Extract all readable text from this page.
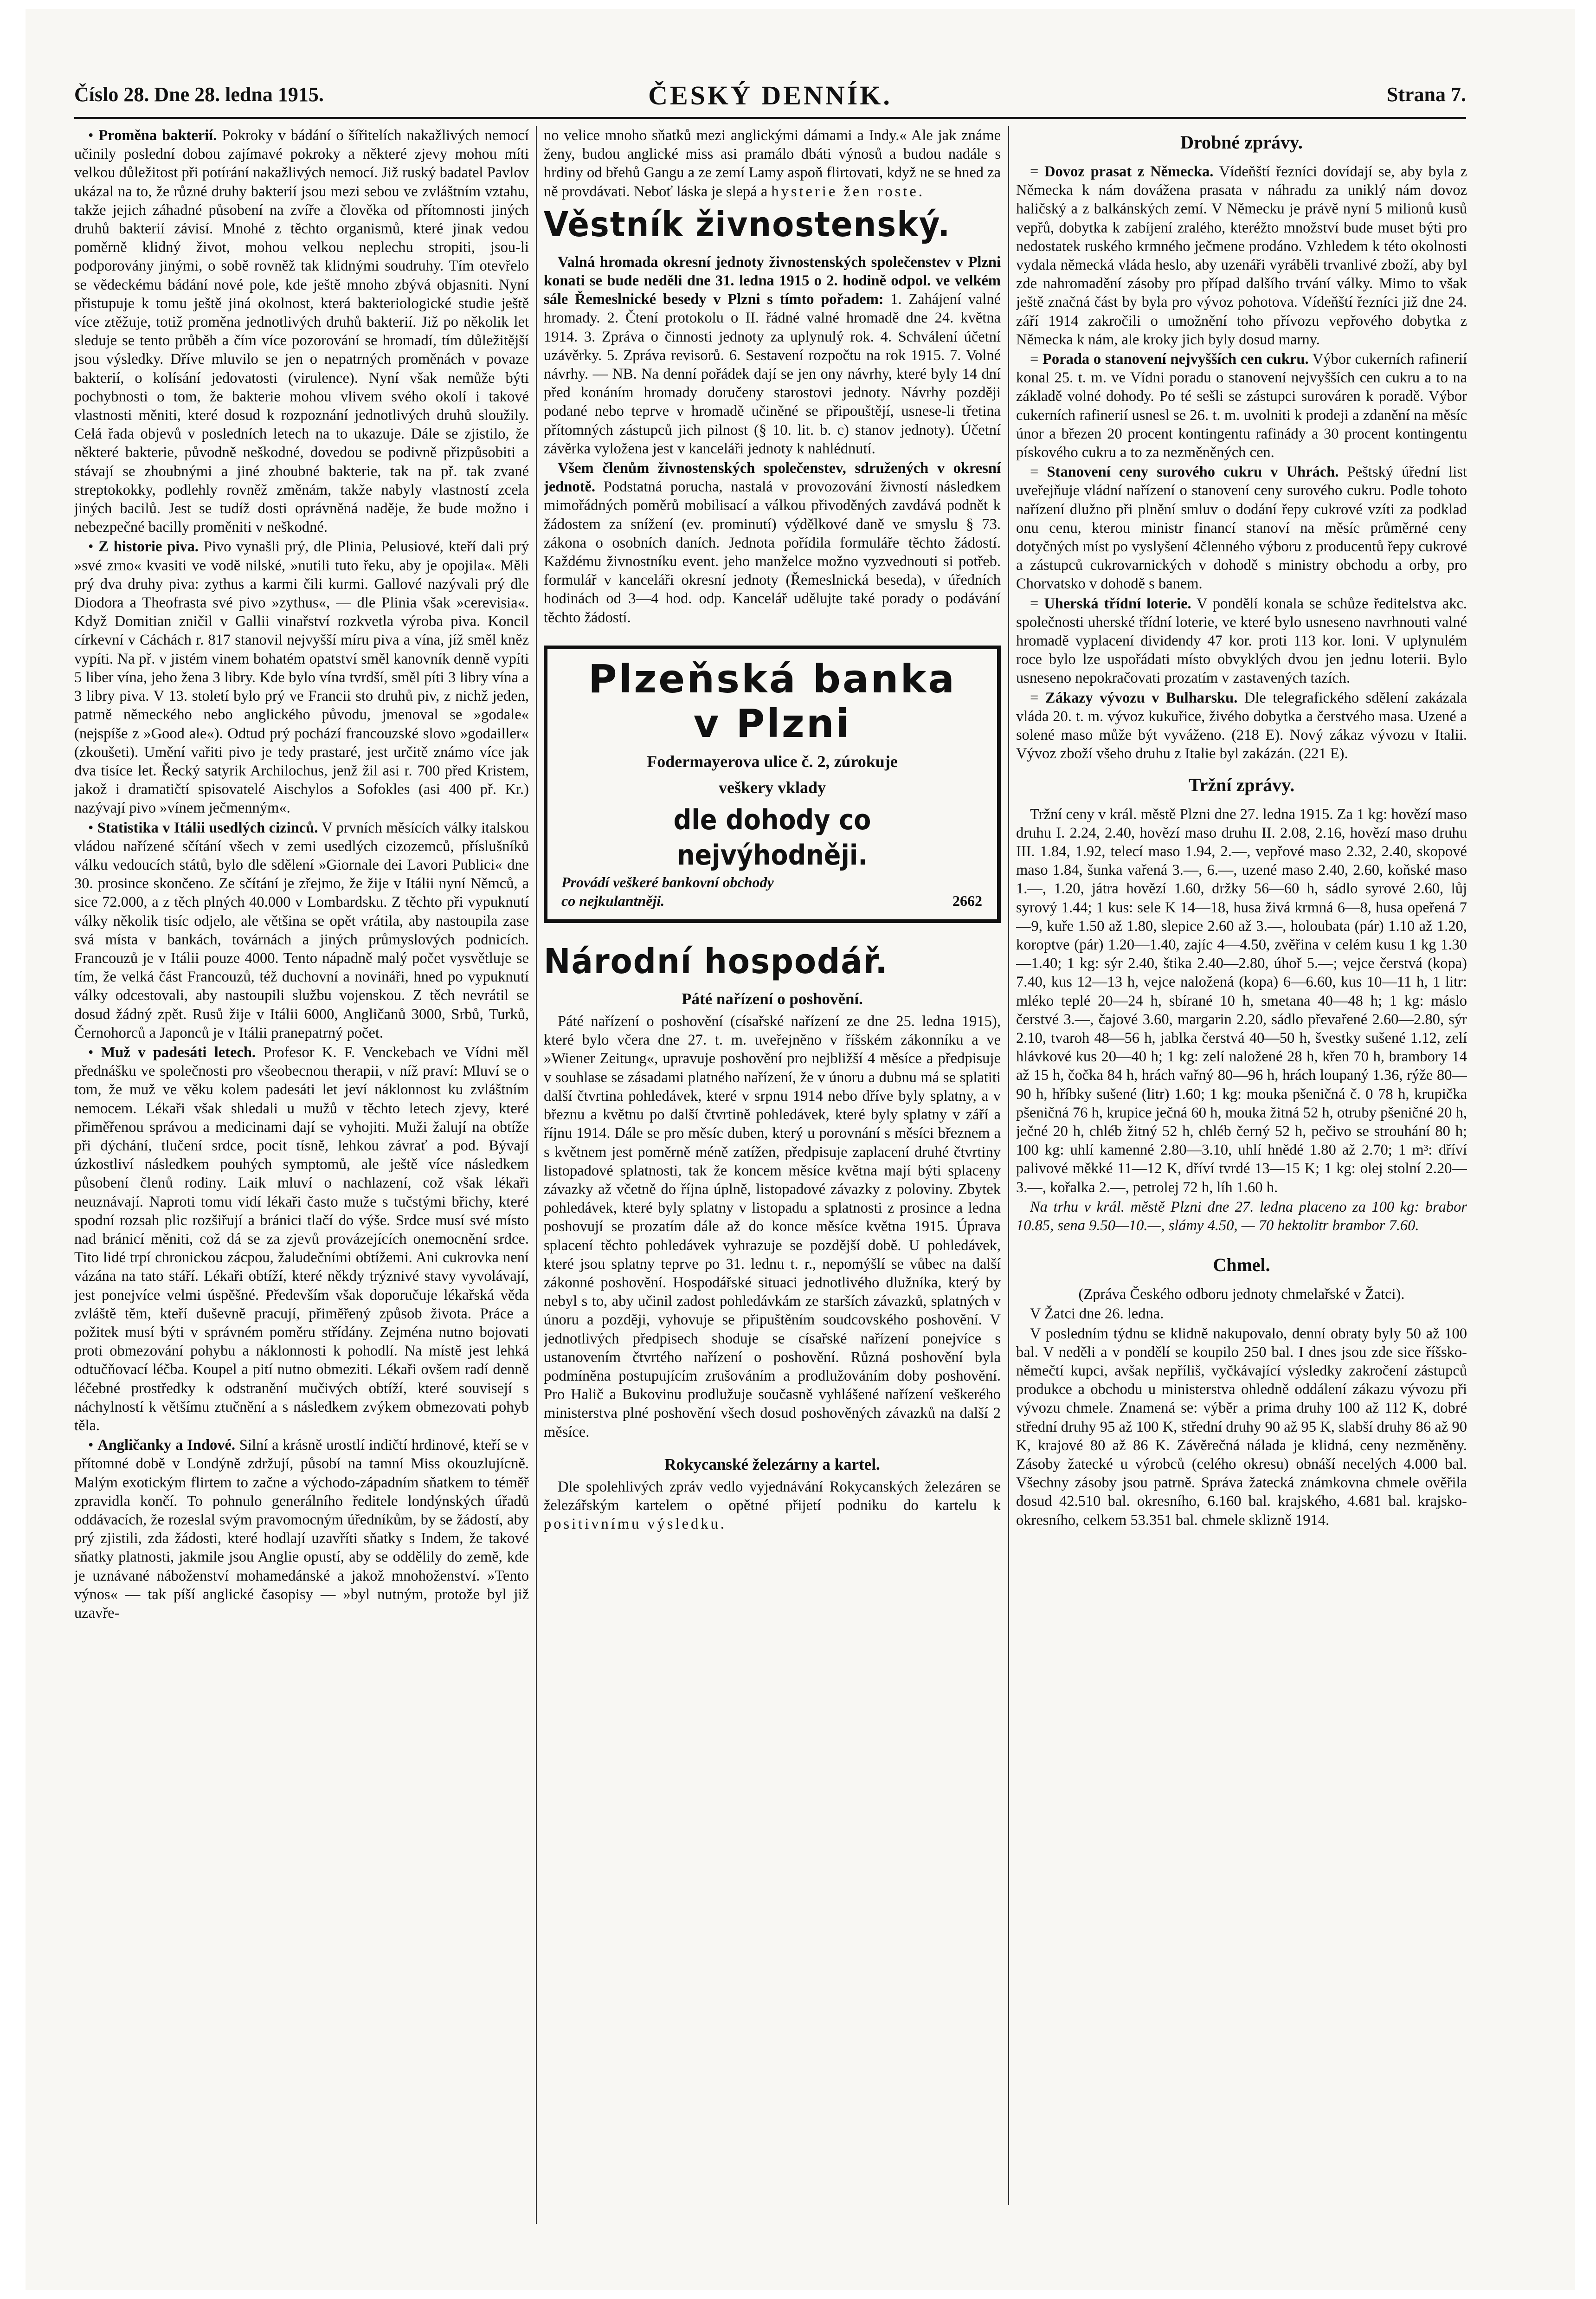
Číslo 28. Dne 28. ledna 1915.	ČESKÝ DENNÍK.	Strana 7.

• Proměna bakterií. Pokroky v bádání o šířitelích nakažlivých nemocí učinily poslední dobou zajímavé pokroky a některé zjevy mohou míti velkou důležitost při potírání nakažlivých nemocí. Již ruský badatel Pavlov ukázal na to, že různé druhy bakterií jsou mezi sebou ve zvláštním vztahu, takže jejich záhadné působení na zvíře a člověka od přítomnosti jiných druhů bakterií závisí. Mnohé z těchto organismů, které jinak vedou poměrně klidný život, mohou velkou neplechu stropiti, jsou-li podporovány jinými, o sobě rovněž tak klidnými soudruhy. Tím otevřelo se vědeckému bádání nové pole, kde ještě mnoho zbývá objasniti. Nyní přistupuje k tomu ještě jiná okolnost, která bakteriologické studie ještě více ztěžuje, totiž proměna jednotlivých druhů bakterií. Již po několik let sleduje se tento průběh a čím více pozorování se hromadí, tím důležitější jsou výsledky. Dříve mluvilo se jen o nepatrných proměnách v povaze bakterií, o kolísání jedovatosti (virulence). Nyní však nemůže býti pochybnosti o tom, že bakterie mohou vlivem svého okolí i takové vlastnosti měniti, které dosud k rozpoznání jednotlivých druhů sloužily. Celá řada objevů v posledních letech na to ukazuje. Dále se zjistilo, že některé bakterie, původně neškodné, dovedou se podivně přizpůsobiti a stávají se zhoubnými a jiné zhoubné bakterie, tak na př. tak zvané streptokokky, podlehly rovněž změnám, takže nabyly vlastností zcela jiných bacilů. Jest se tudíž dosti oprávněná naděje, že bude možno i nebezpečné bacilly proměniti v neškodné.

• Z historie piva. Pivo vynašli prý, dle Plinia, Pelusiové, kteří dali prý »své zrno« kvasiti ve vodě nilské, »nutili tuto řeku, aby je opojila«. Měli prý dva druhy piva: zythus a karmi čili kurmi. Gallové nazývali prý dle Diodora a Theofrasta své pivo »zythus«, — dle Plinia však »cerevisia«. Když Domitian zničil v Gallii vinařství rozkvetla výroba piva. Koncil církevní v Cáchách r. 817 stanovil nejvyšší míru piva a vína, jíž směl kněz vypíti. Na př. v jistém vinem bohatém opatství směl kanovník denně vypíti 5 liber vína, jeho žena 3 libry. Kde bylo vína tvrdší, směl píti 3 libry vína a 3 libry piva. V 13. století bylo prý ve Francii sto druhů piv, z nichž jeden, patrně německého nebo anglického původu, jmenoval se »godale« (nejspíše z »Good ale«). Odtud prý pochází francouzské slovo »godailler« (zkoušeti). Umění vařiti pivo je tedy prastaré, jest určitě známo více jak dva tisíce let. Řecký satyrik Archilochus, jenž žil asi r. 700 před Kristem, jakož i dramatičtí spisovatelé Aischylos a Sofokles (asi 400 př. Kr.) nazývají pivo »vínem ječmenným«.

• Statistika v Itálii usedlých cizinců. V prvních měsících války italskou vládou nařízené sčítání všech v zemi usedlých cizozemců, příslušníků válku vedoucích států, bylo dle sdělení »Giornale dei Lavori Publici« dne 30. prosince skončeno. Ze sčítání je zřejmo, že žije v Itálii nyní Němců, a sice 72.000, a z těch plných 40.000 v Lombardsku. Z těchto při vypuknutí války několik tisíc odjelo, ale většina se opět vrátila, aby nastoupila zase svá místa v bankách, továrnách a jiných průmyslových podnicích. Francouzů je v Itálii pouze 4000. Tento nápadně malý počet vysvětluje se tím, že velká část Francouzů, též duchovní a novináři, hned po vypuknutí války odcestovali, aby nastoupili službu vojenskou. Z těch nevrátil se dosud žádný zpět. Rusů žije v Itálii 6000, Angličanů 3000, Srbů, Turků, Černohorců a Japonců je v Itálii pranepatrný počet.

• Muž v padesáti letech. Profesor K. F. Venckebach ve Vídni měl přednášku ve společnosti pro všeobecnou therapii, v níž praví: Mluví se o tom, že muž ve věku kolem padesáti let jeví náklonnost ku zvláštním nemocem. Lékaři však shledali u mužů v těchto letech zjevy, které přiměřenou správou a medicinami dají se vyhojiti. Muži žalují na obtíže při dýchání, tlučení srdce, pocit tísně, lehkou závrať a pod. Bývají úzkostliví následkem pouhých symptomů, ale ještě více následkem působení členů rodiny. Laik mluví o nachlazení, což však lékaři neuznávají. Naproti tomu vidí lékaři často muže s tučstými břichy, které spodní rozsah plic rozšiřují a bránici tlačí do výše. Srdce musí své místo nad bránicí měniti, což dá se za zjevů provázejících onemocnění srdce. Tito lidé trpí chronickou zácpou, žaludečními obtížemi. Ani cukrovka není vázána na tato stáří. Lékaři obtíží, které někdy trýznivé stavy vyvolávají, jest ponejvíce velmi úspěšné. Především však doporučuje lékařská věda zvláště těm, kteří duševně pracují, přiměřený způsob života. Práce a požitek musí býti v správném poměru střídány. Zejména nutno bojovati proti obmezování pohybu a náklonnosti k pohodlí. Na místě jest lehká odtučňovací léčba. Koupel a pití nutno obmeziti. Lékaři ovšem radí denně léčebné prostředky k odstranění mučivých obtíží, které souvisejí s náchylností k většímu ztučnění a s následkem zvýkem obmezovati pohyb těla.

• Angličanky a Indové. Silní a krásně urostlí indičtí hrdinové, kteří se v přítomné době v Londýně zdržují, působí na tamní Miss okouzlujícně. Malým exotickým flirtem to začne a východo-západním sňatkem to téměř zpravidla končí. To pohnulo generálního ředitele londýnských úřadů oddávacích, že rozeslal svým pravomocným úředníkům, by se žádostí, aby prý zjistili, zda žádosti, které hodlají uzavříti sňatky s Indem, že takové sňatky platnosti, jakmile jsou Anglie opustí, aby se oddělily do země, kde je uznávané náboženství mohamedánské a jakož mnohoženství. »Tento výnos« — tak píší anglické časopisy — »byl nutným, protože byl již uzavře-

no velice mnoho sňatků mezi anglickými dámami a Indy.« Ale jak známe ženy, budou anglické miss asi pramálo dbáti výnosů a budou nadále s hrdiny od břehů Gangu a ze zemí Lamy aspoň flirtovati, když ne se hned za ně provdávati. Neboť láska je slepá a hysterie žen roste.

Věstník živnostenský.

Valná hromada okresní jednoty živnostenských společenstev v Plzni konati se bude neděli dne 31. ledna 1915 o 2. hodině odpol. ve velkém sále Řemeslnické besedy v Plzni s tímto pořadem: 1. Zahájení valné hromady. 2. Čtení protokolu o II. řádné valné hromadě dne 24. května 1914. 3. Zpráva o činnosti jednoty za uplynulý rok. 4. Schválení účetní uzávěrky. 5. Zpráva revisorů. 6. Sestavení rozpočtu na rok 1915. 7. Volné návrhy. — NB. Na denní pořádek dají se jen ony návrhy, které byly 14 dní před konáním hromady doručeny starostovi jednoty. Návrhy později podané nebo teprve v hromadě učiněné se připouštějí, usnese-li třetina přítomných zástupců jich pilnost (§ 10. lit. b. c) stanov jednoty). Účetní závěrka vyložena jest v kanceláři jednoty k nahlédnutí.

Všem členům živnostenských společenstev, sdružených v okresní jednotě. Podstatná porucha, nastalá v provozování živností následkem mimořádných poměrů mobilisací a válkou přivoděných zavdává podnět k žádostem za snížení (ev. prominutí) výdělkové daně ve smyslu § 73. zákona o osobních daních. Jednota pořídila formuláře těchto žádostí. Každému živnostníku event. jeho manželce možno vyzvednouti si potřeb. formulář v kanceláři okresní jednoty (Řemeslnická beseda), v úředních hodinách od 3—4 hod. odp. Kancelář udělujte také porady o podávání těchto žádostí.

Plzeňská banka
v Plzni
Fodermayerova ulice č. 2, zúrokuje
veškery vklady
dle dohody co nejvýhodněji.
Provádí veškeré bankovní obchody
co nejkulantněji.	2662
Národní hospodář.
Páté nařízení o poshovění.

Páté nařízení o poshovění (císařské nařízení ze dne 25. ledna 1915), které bylo včera dne 27. t. m. uveřejněno v říšském zákonníku a ve »Wiener Zeitung«, upravuje poshovění pro nejbližší 4 měsíce a předpisuje v souhlase se zásadami platného nařízení, že v únoru a dubnu má se splatiti další čtvrtina pohledávek, které v srpnu 1914 nebo dříve byly splatny, a v březnu a květnu po další čtvrtině pohledávek, které byly splatny v září a říjnu 1914. Dále se pro měsíc duben, který u porovnání s měsíci březnem a s květnem jest poměrně méně zatížen, předpisuje zaplacení druhé čtvrtiny listopadové splatnosti, tak že koncem měsíce května mají býti splaceny závazky až včetně do října úplně, listopadové závazky z poloviny. Zbytek pohledávek, které byly splatny v listopadu a splatnosti z prosince a ledna poshovují se prozatím dále až do konce měsíce května 1915. Úprava splacení těchto pohledávek vyhrazuje se pozdější době. U pohledávek, které jsou splatny teprve po 31. lednu t. r., nepomýšlí se vůbec na další zákonné poshovění. Hospodářské situaci jednotlivého dlužníka, který by nebyl s to, aby učinil zadost pohledávkám ze starších závazků, splatných v únoru a později, vyhovuje se připuštěním soudcovského poshovění. V jednotlivých předpisech shoduje se císařské nařízení ponejvíce s ustanovením čtvrtého nařízení o poshovění. Různá poshovění byla podmíněna postupujícím zrušováním a prodlužováním doby poshovění. Pro Halič a Bukovinu prodlužuje současně vyhlášené nařízení veškerého ministerstva plné poshovění všech dosud poshověných závazků na další 2 měsíce.

Rokycanské železárny a kartel.

Dle spolehlivých zpráv vedlo vyjednávání Rokycanských železáren se železářským kartelem o opětné přijetí podniku do kartelu k positivnímu výsledku.

Drobné zprávy.

= Dovoz prasat z Německa. Vídeňští řezníci dovídají se, aby byla z Německa k nám dovážena prasata v náhradu za uniklý nám dovoz haličský a z balkánských zemí. V Německu je právě nyní 5 milionů kusů vepřů, dobytka k zabíjení zralého, kteréžto množství bude muset býti pro nedostatek ruského krmného ječmene prodáno. Vzhledem k této okolnosti vydala německá vláda heslo, aby uzenáři vyráběli trvanlivé zboží, aby byl zde nahromadění zásoby pro případ dalšího trvání války. Mimo to však ještě značná část by byla pro vývoz pohotova. Vídeňští řezníci již dne 24. září 1914 zakročili o umožnění toho přívozu vepřového dobytka z Německa k nám, ale kroky jich byly dosud marny.

= Porada o stanovení nejvyšších cen cukru. Výbor cukerních rafinerií konal 25. t. m. ve Vídni poradu o stanovení nejvyšších cen cukru a to na základě volné dohody. Po té sešli se zástupci surováren k poradě. Výbor cukerních rafinerií usnesl se 26. t. m. uvolniti k prodeji a zdanění na měsíc únor a březen 20 procent kontingentu rafinády a 30 procent kontingentu pískového cukru a to za nezměněných cen.

= Stanovení ceny surového cukru v Uhrách. Peštský úřední list uveřejňuje vládní nařízení o stanovení ceny surového cukru. Podle tohoto nařízení dlužno při plnění smluv o dodání řepy cukrové vzíti za podklad onu cenu, kterou ministr financí stanoví na měsíc průměrné ceny dotyčných míst po vyslyšení 4členného výboru z producentů řepy cukrové a zástupců cukrovarnických v dohodě s ministry obchodu a orby, pro Chorvatsko v dohodě s banem.

= Uherská třídní loterie. V pondělí konala se schůze ředitelstva akc. společnosti uherské třídní loterie, ve které bylo usneseno navrhnouti valné hromadě vyplacení dividendy 47 kor. proti 113 kor. loni. V uplynulém roce bylo lze uspořádati místo obvyklých dvou jen jednu loterii. Bylo usneseno nepokračovati prozatím v zastavených tazích.

= Zákazy vývozu v Bulharsku. Dle telegrafického sdělení zakázala vláda 20. t. m. vývoz kukuřice, živého dobytka a čerstvého masa. Uzené a solené maso může být vyváženo. (218 E). Nový zákaz vývozu v Italii. Vývoz zboží všeho druhu z Italie byl zakázán. (221 E).

Tržní zprávy.

Tržní ceny v král. městě Plzni dne 27. ledna 1915. Za 1 kg: hovězí maso druhu I. 2.24, 2.40, hovězí maso druhu II. 2.08, 2.16, hovězí maso druhu III. 1.84, 1.92, telecí maso 1.94, 2.—, vepřové maso 2.32, 2.40, skopové maso 1.84, šunka vařená 3.—, 6.—, uzené maso 2.40, 2.60, koňské maso 1.—, 1.20, játra hovězí 1.60, držky 56—60 h, sádlo syrové 2.60, lůj syrový 1.44; 1 kus: sele K 14—18, husa živá krmná 6—8, husa opeřená 7—9, kuře 1.50 až 1.80, slepice 2.60 až 3.—, holoubata (pár) 1.10 až 1.20, koroptve (pár) 1.20—1.40, zajíc 4—4.50, zvěřina v celém kusu 1 kg 1.30—1.40; 1 kg: sýr 2.40, štika 2.40—2.80, úhoř 5.—; vejce čerstvá (kopa) 7.40, kus 12—13 h, vejce naložená (kopa) 6—6.60, kus 10—11 h, 1 litr: mléko teplé 20—24 h, sbírané 10 h, smetana 40—48 h; 1 kg: máslo čerstvé 3.—, čajové 3.60, margarin 2.20, sádlo převařené 2.60—2.80, sýr 2.10, tvaroh 48—56 h, jablka čerstvá 40—50 h, švestky sušené 1.12, zelí hlávkové kus 20—40 h; 1 kg: zelí naložené 28 h, křen 70 h, brambory 14 až 15 h, čočka 84 h, hrách vařný 80—96 h, hrách loupaný 1.36, rýže 80—90 h, hříbky sušené (litr) 1.60; 1 kg: mouka pšeničná č. 0 78 h, krupička pšeničná 76 h, krupice ječná 60 h, mouka žitná 52 h, otruby pšeničné 20 h, ječné 20 h, chléb žitný 52 h, chléb černý 52 h, pečivo se strouhání 80 h; 100 kg: uhlí kamenné 2.80—3.10, uhlí hnědé 1.80 až 2.70; 1 m³: dříví palivové měkké 11—12 K, dříví tvrdé 13—15 K; 1 kg: olej stolní 2.20—3.—, kořalka 2.—, petrolej 72 h, líh 1.60 h.

Na trhu v král. městě Plzni dne 27. ledna placeno za 100 kg: brabor 10.85, sena 9.50—10.—, slámy 4.50, — 70 hektolitr brambor 7.60.

Chmel.

(Zpráva Českého odboru jednoty chmelařské v Žatci).

V Žatci dne 26. ledna.

V posledním týdnu se klidně nakupovalo, denní obraty byly 50 až 100 bal. V neděli a v pondělí se koupilo 250 bal. I dnes jsou zde sice říšsko-němečtí kupci, avšak nepříliš, vyčkávající výsledky zakročení zástupců produkce a obchodu u ministerstva ohledně oddálení zákazu vývozu při vývozu chmele. Znamená se: výběr a prima druhy 100 až 112 K, dobré střední druhy 95 až 100 K, střední druhy 90 až 95 K, slabší druhy 86 až 90 K, krajové 80 až 86 K. Závěrečná nálada je klidná, ceny nezměněny. Zásoby žatecké u výrobců (celého okresu) obnáší necelých 4.000 bal. Všechny zásoby jsou patrně. Správa žatecká známkovna chmele ověřila dosud 42.510 bal. okresního, 6.160 bal. krajského, 4.681 bal. krajsko-okresního, celkem 53.351 bal. chmele sklizně 1914.
